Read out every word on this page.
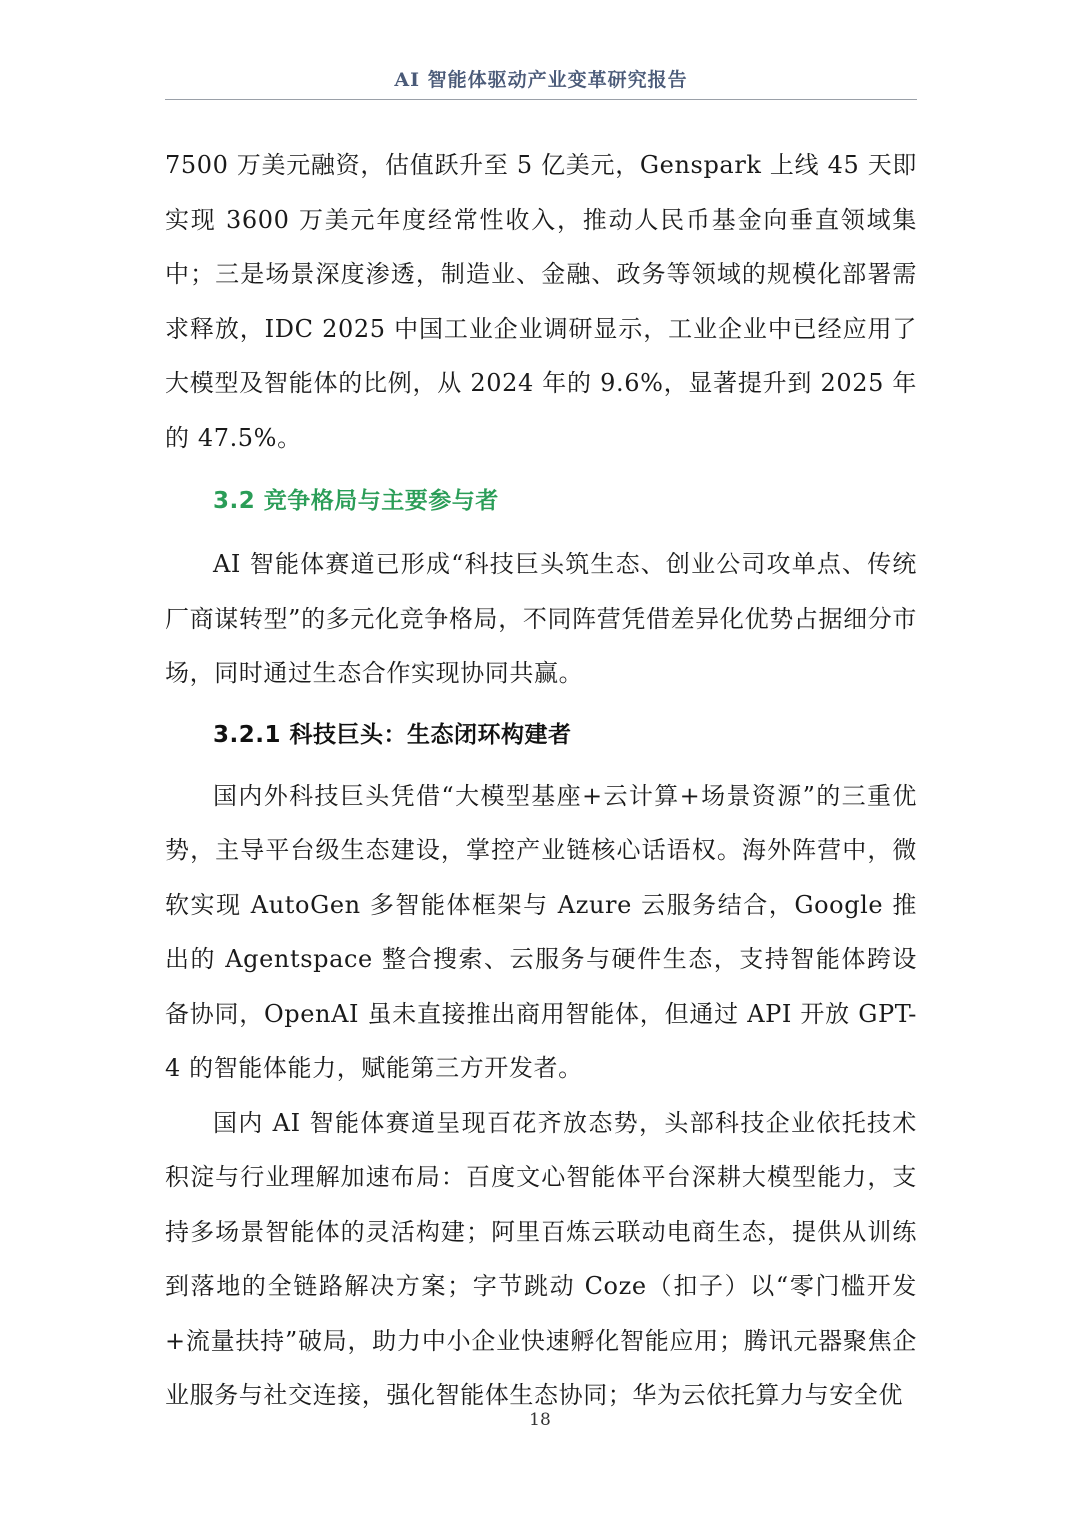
AI 智能体驱动产业变革研究报告

7500 万美元融资，估值跃升至 5 亿美元，Genspark 上线 45 天即实现 3600 万美元年度经常性收入，推动人民币基金向垂直领域集中；三是场景深度渗透，制造业、金融、政务等领域的规模化部署需求释放，IDC 2025 中国工业企业调研显示，工业企业中已经应用了大模型及智能体的比例，从 2024 年的 9.6%，显著提升到 2025 年的 47.5%。

3.2 竞争格局与主要参与者

AI 智能体赛道已形成“科技巨头筑生态、创业公司攻单点、传统厂商谋转型”的多元化竞争格局，不同阵营凭借差异化优势占据细分市场，同时通过生态合作实现协同共赢。

3.2.1 科技巨头：生态闭环构建者

国内外科技巨头凭借“大模型基座+云计算+场景资源”的三重优势，主导平台级生态建设，掌控产业链核心话语权。海外阵营中，微软实现 AutoGen 多智能体框架与 Azure 云服务结合，Google 推出的 Agentspace 整合搜索、云服务与硬件生态，支持智能体跨设备协同，OpenAI 虽未直接推出商用智能体，但通过 API 开放 GPT-4 的智能体能力，赋能第三方开发者。

国内 AI 智能体赛道呈现百花齐放态势，头部科技企业依托技术积淀与行业理解加速布局：百度文心智能体平台深耕大模型能力，支持多场景智能体的灵活构建；阿里百炼云联动电商生态，提供从训练到落地的全链路解决方案；字节跳动 Coze（扣子）以“零门槛开发+流量扶持”破局，助力中小企业快速孵化智能应用；腾讯元器聚焦企业服务与社交连接，强化智能体生态协同；华为云依托算力与安全优

18
